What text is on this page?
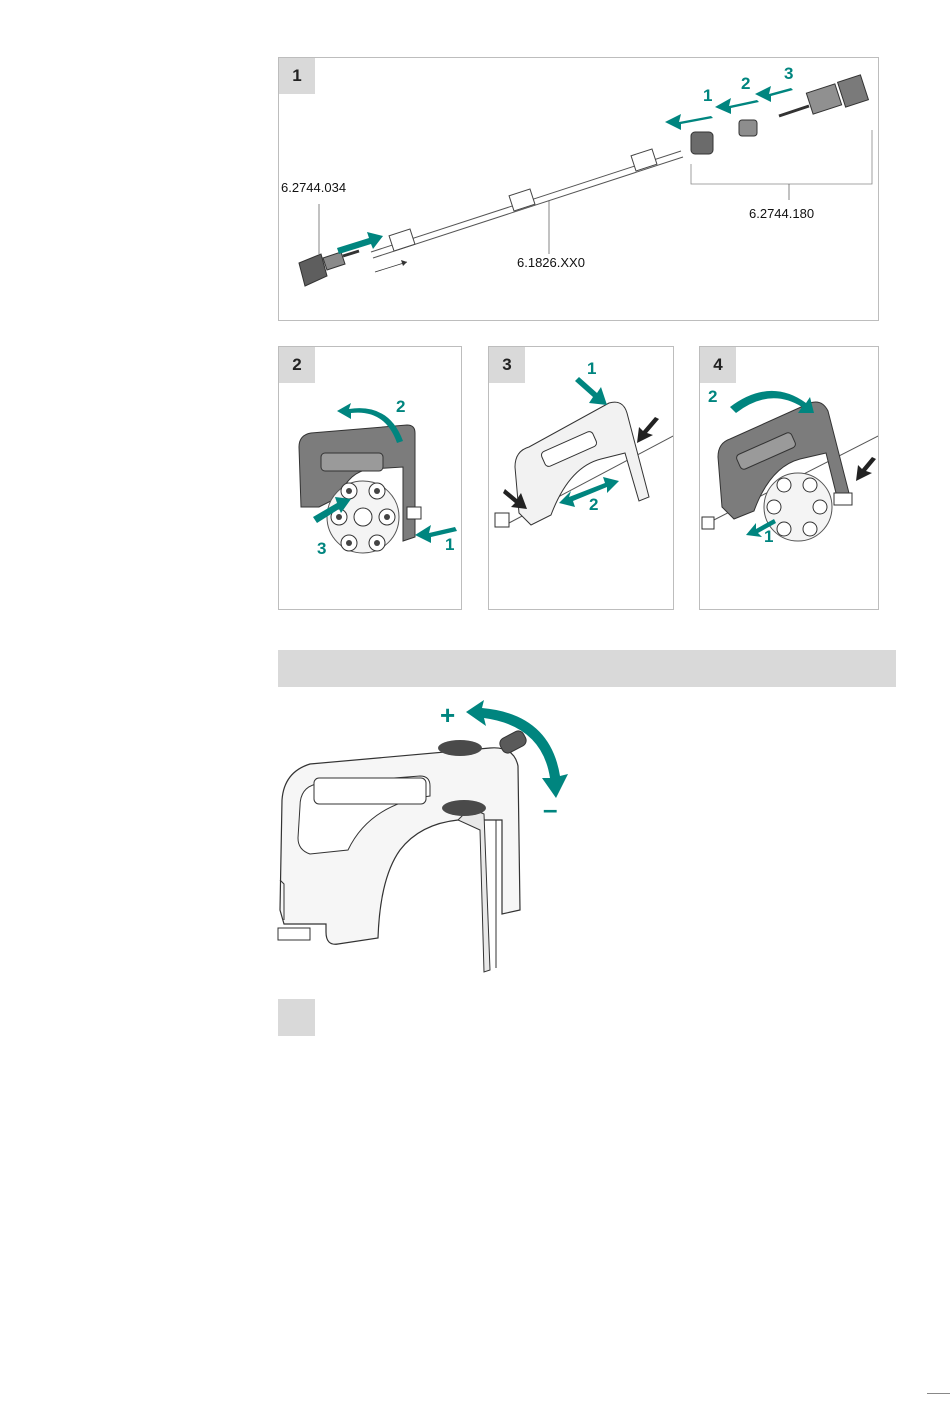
1
6.2744.034
6.1826.XX0
6.2744.180
1
2
3
2
1
2
3
3	1
2
4
1
2
+
–
